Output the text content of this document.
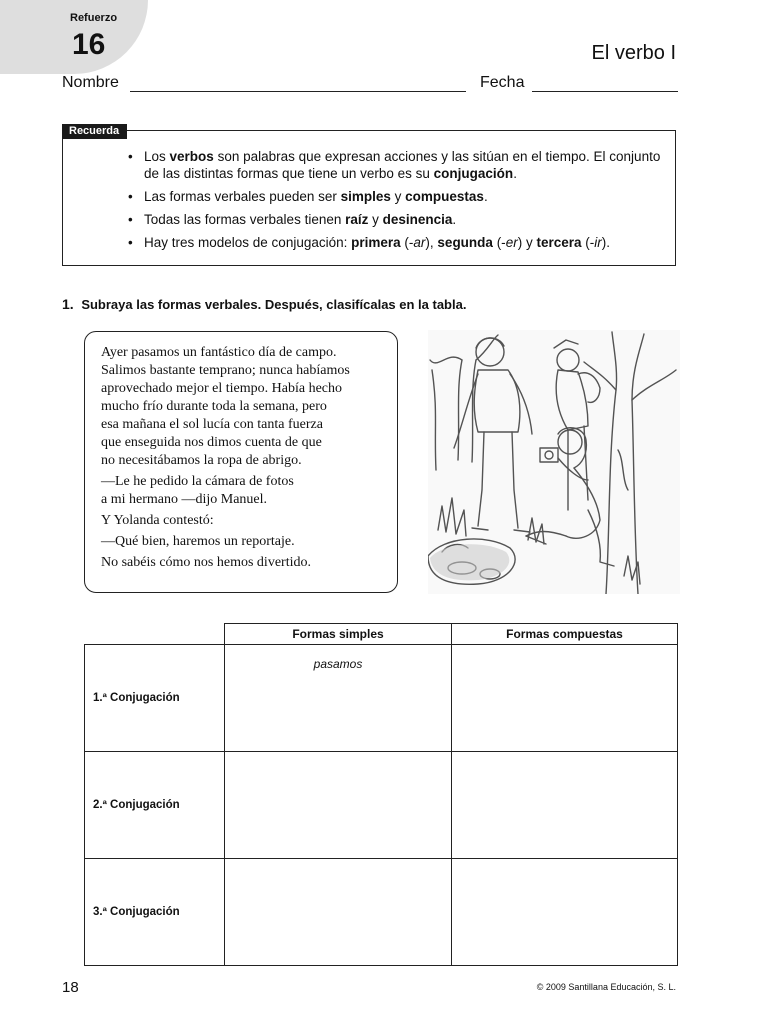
Refuerzo
16	El verbo I
Nombre	Fecha
Recuerda
• Los verbos son palabras que expresan acciones y las sitúan en el tiempo. El conjunto de las distintas formas que tiene un verbo es su conjugación.
• Las formas verbales pueden ser simples y compuestas.
• Todas las formas verbales tienen raíz y desinencia.
• Hay tres modelos de conjugación: primera (-ar), segunda (-er) y tercera (-ir).
1. Subraya las formas verbales. Después, clasifícalas en la tabla.
Ayer pasamos un fantástico día de campo.
Salimos bastante temprano; nunca habíamos
aprovechado mejor el tiempo. Había hecho
mucho frío durante toda la semana, pero
esa mañana el sol lucía con tanta fuerza
que enseguida nos dimos cuenta de que
no necesitábamos la ropa de abrigo.
—Le he pedido la cámara de fotos
a mi hermano —dijo Manuel.
Y Yolanda contestó:
—Qué bien, haremos un reportaje.
No sabéis cómo nos hemos divertido.
	Formas simples	Formas compuestas
1.ª Conjugación	pasamos	

2.ª Conjugación		
3.ª Conjugación		
18	© 2009 Santillana Educación, S. L.
